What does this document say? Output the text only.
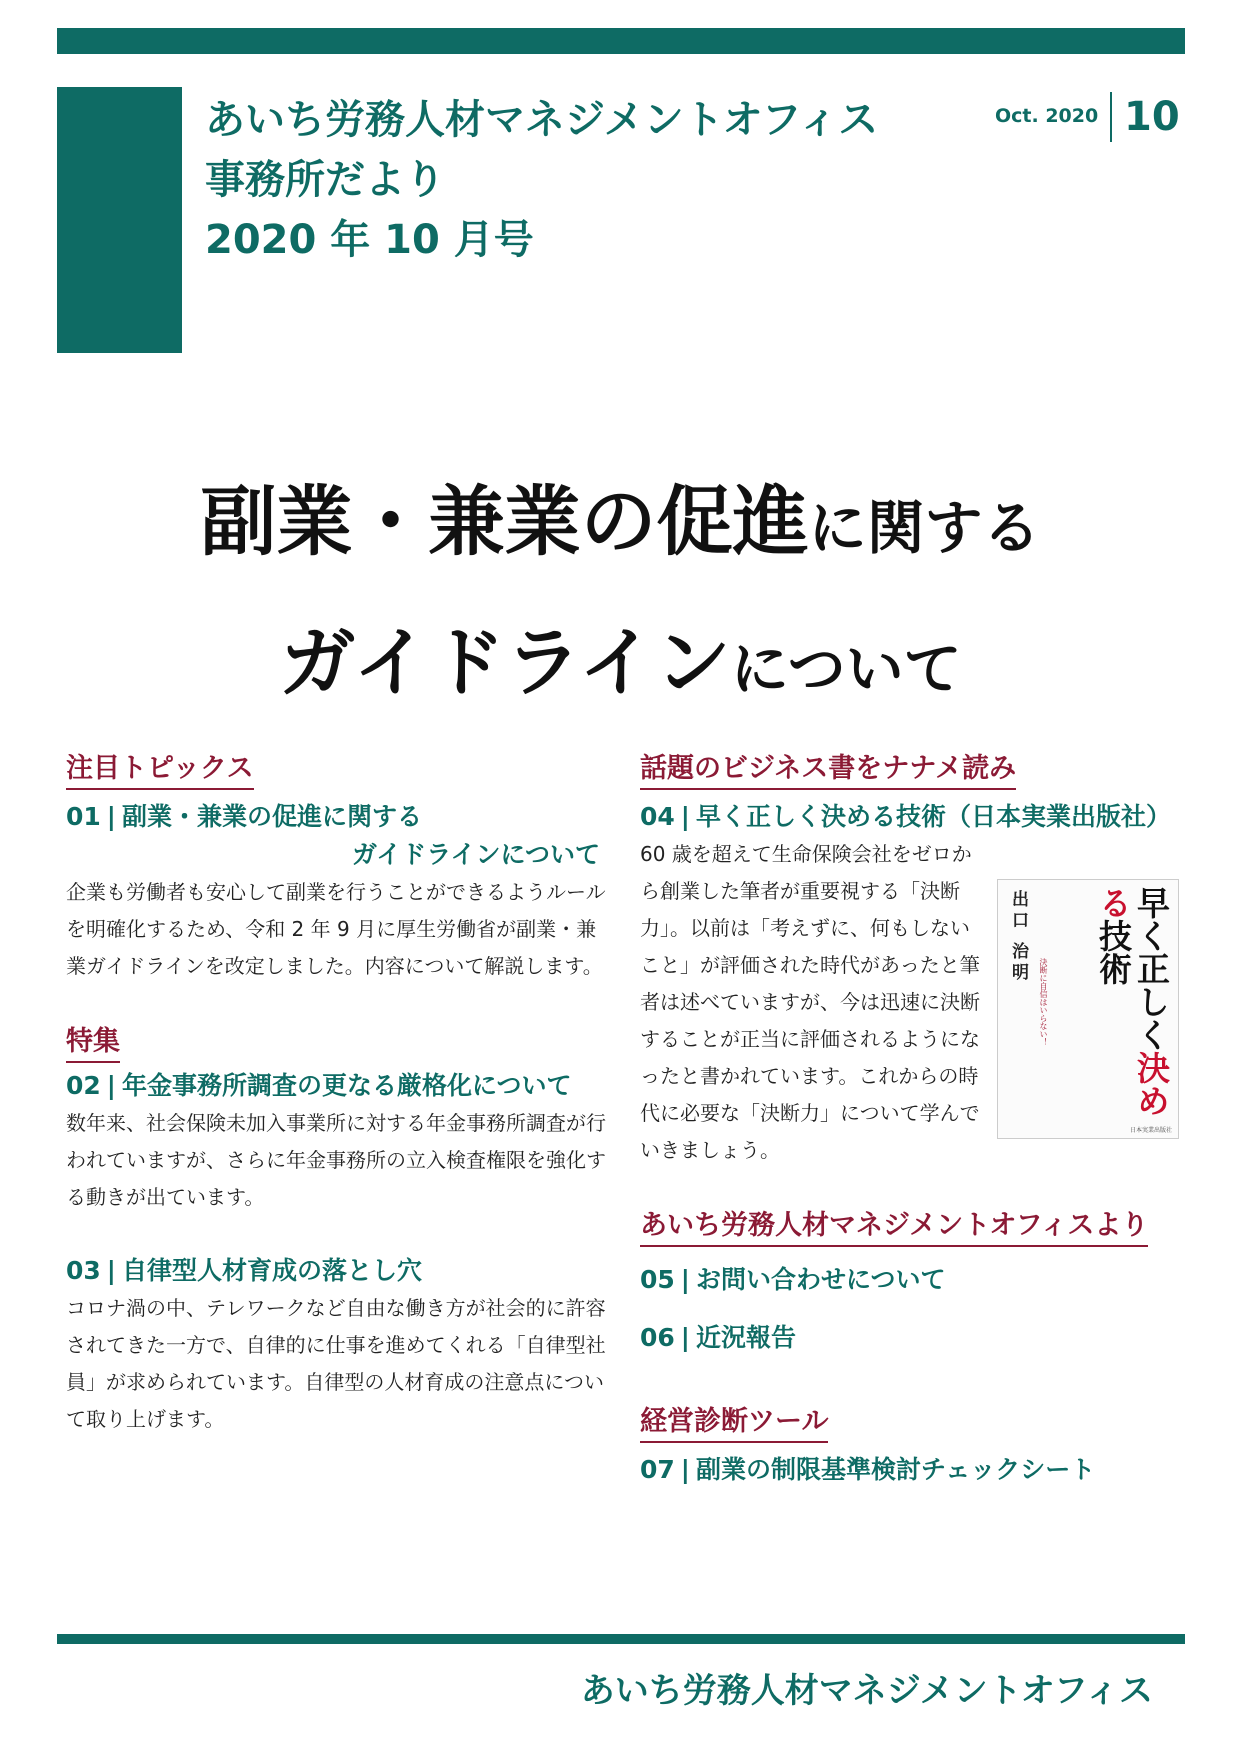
あいち労務人材マネジメントオフィス
事務所だより
2020 年 10 月号
Oct. 2020 10
副業・兼業の促進に関する
ガイドラインについて
注目トピックス
01 | 副業・兼業の促進に関する
ガイドラインについて
企業も労働者も安心して副業を行うことができるようルールを明確化するため、令和 2 年 9 月に厚生労働省が副業・兼業ガイドラインを改定しました。内容について解説します。
特集
02 | 年金事務所調査の更なる厳格化について
数年来、社会保険未加入事業所に対する年金事務所調査が行われていますが、さらに年金事務所の立入検査権限を強化する動きが出ています。
03 | 自律型人材育成の落とし穴
コロナ渦の中、テレワークなど自由な働き方が社会的に許容されてきた一方で、自律的に仕事を進めてくれる「自律型社員」が求められています。自律型の人材育成の注意点について取り上げます。
話題のビジネス書をナナメ読み
04 | 早く正しく決める技術（日本実業出版社）
60 歳を超えて生命保険会社をゼロから創業した筆者が重要視する「決断力」。以前は「考えずに、何もしないこと」が評価された時代があったと筆者は述べていますが、今は迅速に決断することが正当に評価されるようになったと書かれています。これからの時代に必要な「決断力」について学んでいきましょう。
出口 治明
決断に自信はいらない！	早く正しく決める技術
日本実業出版社
あいち労務人材マネジメントオフィスより
05 | お問い合わせについて
06 | 近況報告
経営診断ツール
07 | 副業の制限基準検討チェックシート
あいち労務人材マネジメントオフィス
